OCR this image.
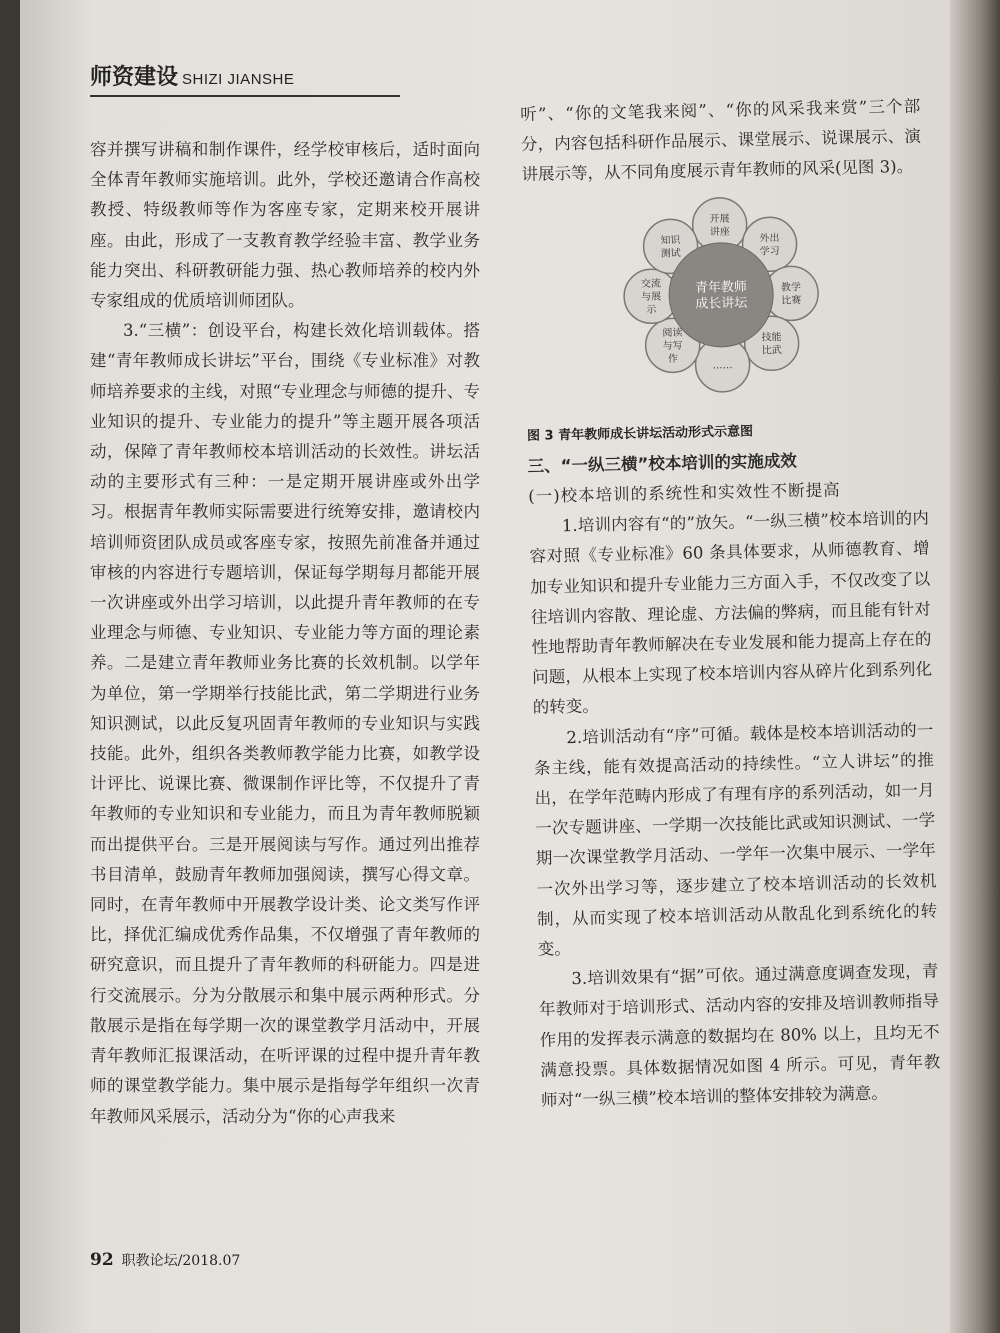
师资建设 SHIZI JIANSHE

容并撰写讲稿和制作课件，经学校审核后，适时面向全体青年教师实施培训。此外，学校还邀请合作高校教授、特级教师等作为客座专家，定期来校开展讲座。由此，形成了一支教育教学经验丰富、教学业务能力突出、科研教研能力强、热心教师培养的校内外专家组成的优质培训师团队。

3.“三横”：创设平台，构建长效化培训载体。搭建“青年教师成长讲坛”平台，围绕《专业标准》对教师培养要求的主线，对照“专业理念与师德的提升、专业知识的提升、专业能力的提升”等主题开展各项活动，保障了青年教师校本培训活动的长效性。讲坛活动的主要形式有三种：一是定期开展讲座或外出学习。根据青年教师实际需要进行统筹安排，邀请校内培训师资团队成员或客座专家，按照先前准备并通过审核的内容进行专题培训，保证每学期每月都能开展一次讲座或外出学习培训，以此提升青年教师的在专业理念与师德、专业知识、专业能力等方面的理论素养。二是建立青年教师业务比赛的长效机制。以学年为单位，第一学期举行技能比武，第二学期进行业务知识测试，以此反复巩固青年教师的专业知识与实践技能。此外，组织各类教师教学能力比赛，如教学设计评比、说课比赛、微课制作评比等，不仅提升了青年教师的专业知识和专业能力，而且为青年教师脱颖而出提供平台。三是开展阅读与写作。通过列出推荐书目清单，鼓励青年教师加强阅读，撰写心得文章。同时，在青年教师中开展教学设计类、论文类写作评比，择优汇编成优秀作品集，不仅增强了青年教师的研究意识，而且提升了青年教师的科研能力。四是进行交流展示。分为分散展示和集中展示两种形式。分散展示是指在每学期一次的课堂教学月活动中，开展青年教师汇报课活动，在听评课的过程中提升青年教师的课堂教学能力。集中展示是指每学年组织一次青年教师风采展示，活动分为“你的心声我来

听”、“你的文笔我来阅”、“你的风采我来赏”三个部分，内容包括科研作品展示、课堂展示、说课展示、演讲展示等，从不同角度展示青年教师的风采(见图 3)。

青年教师
成长讲坛
开展
讲座
外出
学习
教学
比赛
技能
比武
……
阅读
与写
作
交流
与展
示
知识
测试

图 3 青年教师成长讲坛活动形式示意图

三、“一纵三横”校本培训的实施成效

(一)校本培训的系统性和实效性不断提高

1.培训内容有“的”放矢。“一纵三横”校本培训的内容对照《专业标准》60 条具体要求，从师德教育、增加专业知识和提升专业能力三方面入手，不仅改变了以往培训内容散、理论虚、方法偏的弊病，而且能有针对性地帮助青年教师解决在专业发展和能力提高上存在的问题，从根本上实现了校本培训内容从碎片化到系列化的转变。

2.培训活动有“序”可循。载体是校本培训活动的一条主线，能有效提高活动的持续性。“立人讲坛”的推出，在学年范畴内形成了有理有序的系列活动，如一月一次专题讲座、一学期一次技能比武或知识测试、一学期一次课堂教学月活动、一学年一次集中展示、一学年一次外出学习等，逐步建立了校本培训活动的长效机制，从而实现了校本培训活动从散乱化到系统化的转变。

3.培训效果有“据”可依。通过满意度调查发现，青年教师对于培训形式、活动内容的安排及培训教师指导作用的发挥表示满意的数据均在 80% 以上，且均无不满意投票。具体数据情况如图 4 所示。可见，青年教师对“一纵三横”校本培训的整体安排较为满意。

92 职教论坛/2018.07
